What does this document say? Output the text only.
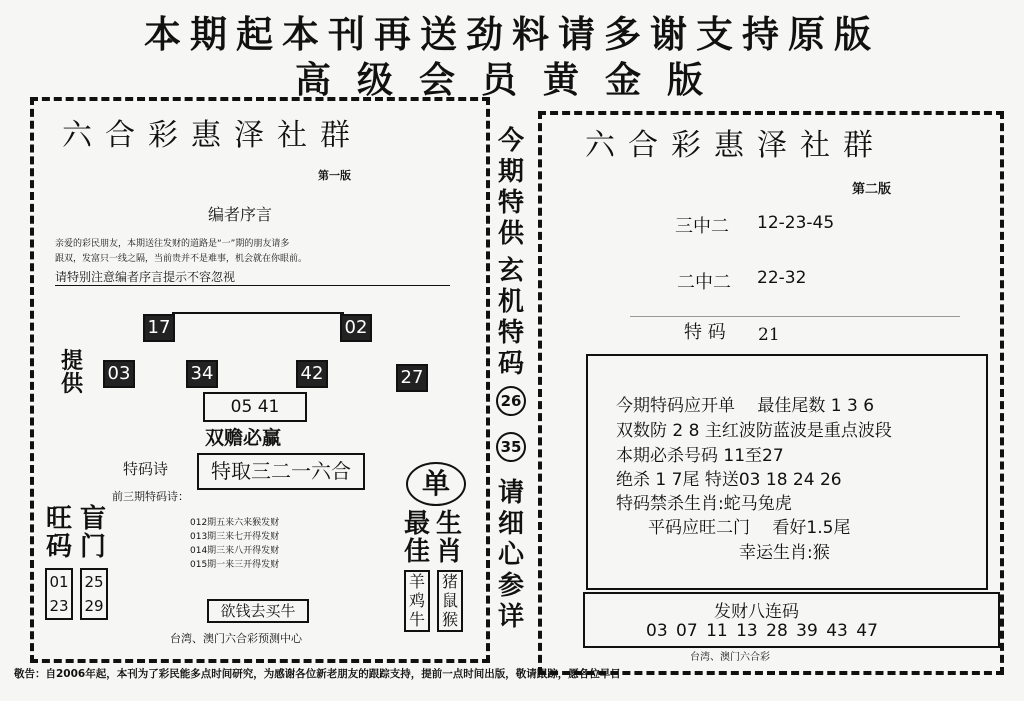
本期起本刊再送劲料请多谢支持原版
高级会员黄金版
六合彩惠泽社群
第一版
编者序言
亲爱的彩民朋友，本期送往发财的道路是“一”期的朋友请多
跟双，发富只一线之隔，当前贵并不是难事，机会就在你眼前。
请特别注意编者序言提示不容忽视
17	02
提供 03	34	42	27
05 41
双赡必赢
特码诗	特取三二一六合
前三期特码诗：
012期五来六来猴发财
013期三来七开得发财
014期三来八开得发财
015期一来三开得发财
旺码
盲门
01
23
25
29
单
最佳
生肖
羊鸡牛
猪鼠猴
欲钱去买牛
台湾、澳门六合彩预测中心
今期特供
玄机特码
26
35
请细心参详
六合彩惠泽社群
第二版
三中二 12-23-45
二中二 22-32
特 码 21
今期特码应开单　 最佳尾数 1 3 6
双数防 2 8 主红波防蓝波是重点波段
本期必杀号码 11至27
绝杀 1 7尾 特送03 18 24 26
特码禁杀生肖:蛇马兔虎
平码应旺二门　 看好1.5尾
幸运生肖:猴
发财八连码
03 07 11 13 28 39 43 47
台湾、澳门六合彩
敬告：自2006年起，本刊为了彩民能多点时间研究，为感谢各位新老朋友的跟踪支持，提前一点时间出版，敬请跟踪，愿各位早日
